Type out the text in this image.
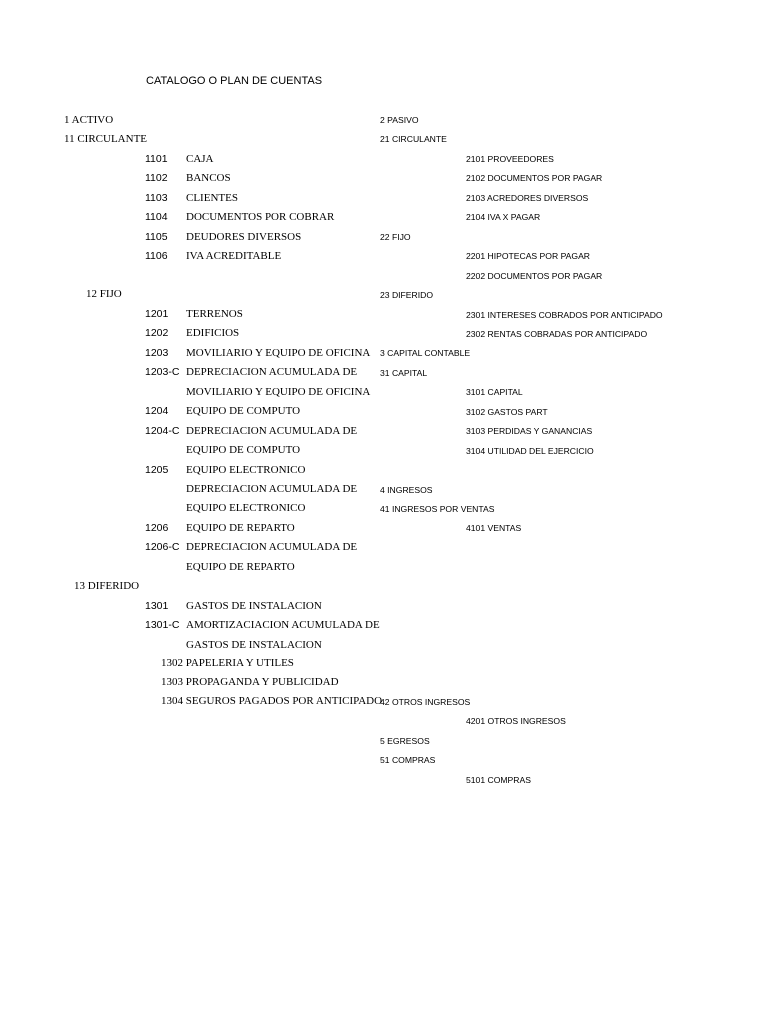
CATALOGO O PLAN DE CUENTAS
1 ACTIVO
11 CIRCULANTE
1101 CAJA
1102 BANCOS
1103 CLIENTES
1104 DOCUMENTOS POR COBRAR
1105 DEUDORES DIVERSOS
1106 IVA ACREDITABLE
12 FIJO
1201 TERRENOS
1202 EDIFICIOS
1203 MOVILIARIO Y EQUIPO DE OFICINA
1203-C DEPRECIACION ACUMULADA DE
MOVILIARIO Y EQUIPO DE OFICINA
1204 EQUIPO DE COMPUTO
1204-C DEPRECIACION ACUMULADA DE
EQUIPO DE COMPUTO
1205 EQUIPO ELECTRONICO
DEPRECIACION ACUMULADA DE
EQUIPO ELECTRONICO
1206 EQUIPO DE REPARTO
1206-C DEPRECIACION ACUMULADA DE
EQUIPO DE REPARTO
13 DIFERIDO
1301 GASTOS DE INSTALACION
1301-C AMORTIZACIACION ACUMULADA DE
GASTOS DE INSTALACION
1302 PAPELERIA Y UTILES
1303 PROPAGANDA Y PUBLICIDAD
1304 SEGUROS PAGADOS POR ANTICIPADO
2 PASIVO
21 CIRCULANTE
2101 PROVEEDORES
2102 DOCUMENTOS POR PAGAR
2103 ACREDORES DIVERSOS
2104 IVA X PAGAR
22 FIJO
2201 HIPOTECAS POR PAGAR
2202 DOCUMENTOS POR PAGAR
23 DIFERIDO
2301 INTERESES COBRADOS POR ANTICIPADO
2302 RENTAS COBRADAS POR ANTICIPADO
3 CAPITAL CONTABLE
31 CAPITAL
3101 CAPITAL
3102 GASTOS PART
3103 PERDIDAS Y GANANCIAS
3104 UTILIDAD DEL EJERCICIO
4 INGRESOS
41 INGRESOS POR VENTAS
4101 VENTAS
42 OTROS INGRESOS
4201 OTROS INGRESOS
5 EGRESOS
51 COMPRAS
5101 COMPRAS
